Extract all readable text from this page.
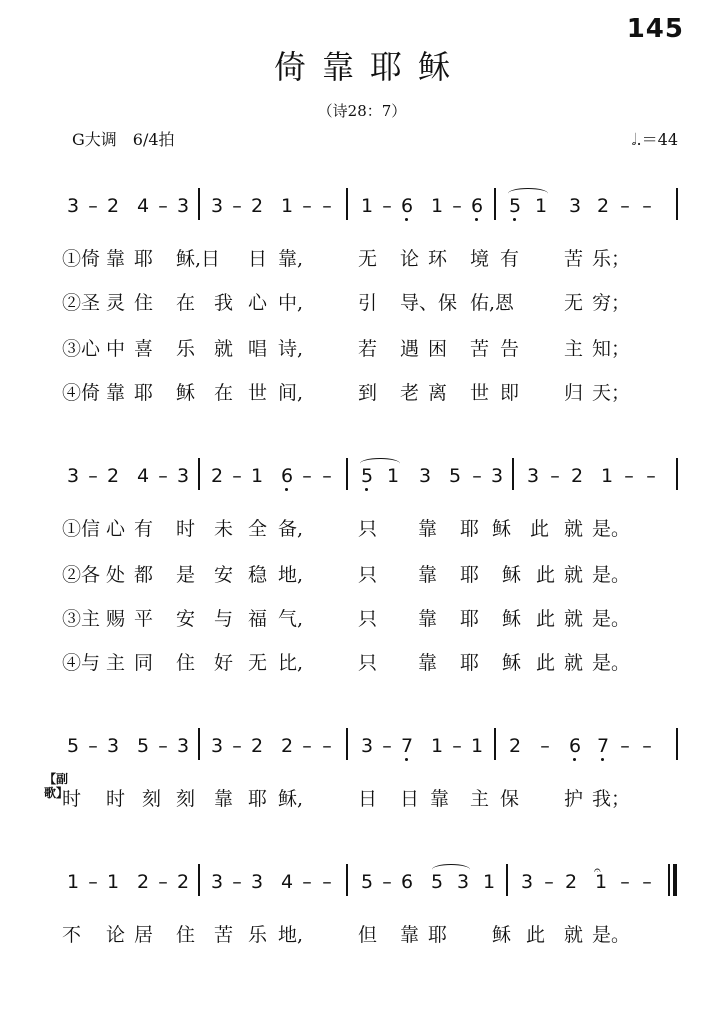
145
倚靠耶稣
（诗28：7）
G大调　6/4拍	𝅗𝅥.＝44
3 – 2 4 – 3 3 – 2 1 – – 1 – 6 1 – 6 5 1 3 2 – –
①倚 靠 耶 稣,日 日 靠,	无 论 环 境 有 苦 乐；
②圣 灵 住 在 我 心 中,	引 导、保 佑,恩	无 穷；
③心 中 喜 乐 就 唱 诗,	若 遇 困 苦 告 主 知；
④倚 靠 耶 稣 在 世 间,	到 老 离 世 即 归 天；
3 – 2 4 – 3 2 – 1 6 – – 5 1 3 5 – 3 3 – 2 1 – –
①信 心 有 时 未 全 备,	只 靠 耶 稣 此 就 是。
②各 处 都 是 安 稳 地,	只 靠 耶 稣 此 就 是。
③主 赐 平 安 与 福 气,	只 靠 耶 稣 此 就 是。
④与 主 同 住 好 无 比,	只 靠 耶 稣 此 就 是。
5 – 3 5 – 3 3 – 2 2 – – 3 – 7 1 – 1 2 – 6 7 – –
【副歌】
时 时 刻 刻 靠 耶 稣,	日 日 靠 主 保 护 我；
1 – 1 2 – 2 3 – 3 4 – – 5 – 6 5 3 1 3 – 2
𝄐 1 – –
不 论 居 住 苦 乐 地,	但 靠 耶 稣 此 就 是。
